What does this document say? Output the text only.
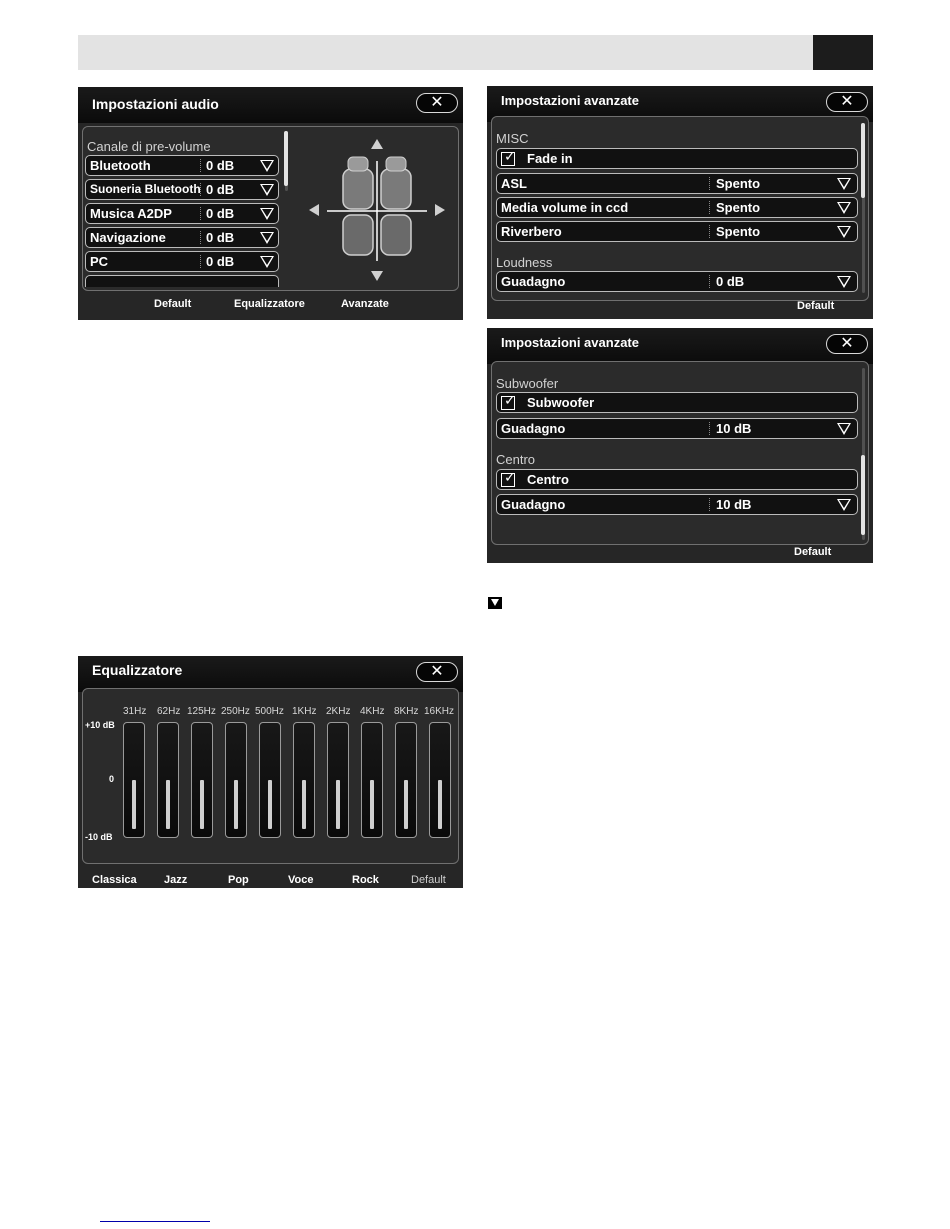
Impostazioni audio	✕
Canale di pre-volume
Bluetooth	0 dB
Suoneria Bluetooth 0 dB
Musica A2DP	0 dB
Navigazione	0 dB
PC	0 dB
Default	Equalizzatore	Avanzate
Impostazioni avanzate	✕
MISC
✓ Fade in
ASL	Spento
Media volume in ccd	Spento
Riverbero	Spento
Loudness
Guadagno	0 dB
Default
Impostazioni avanzate	✕
Subwoofer
✓ Subwoofer
Guadagno	10 dB
Centro
✓ Centro
Guadagno	10 dB
Default
Equalizzatore	✕
+10 dB
0
-10 dB
31Hz 62Hz 125Hz 250Hz 500Hz 1KHz 2KHz 4KHz 8KHz 16KHz
Classica Jazz	Pop	Voce	Rock	Default
